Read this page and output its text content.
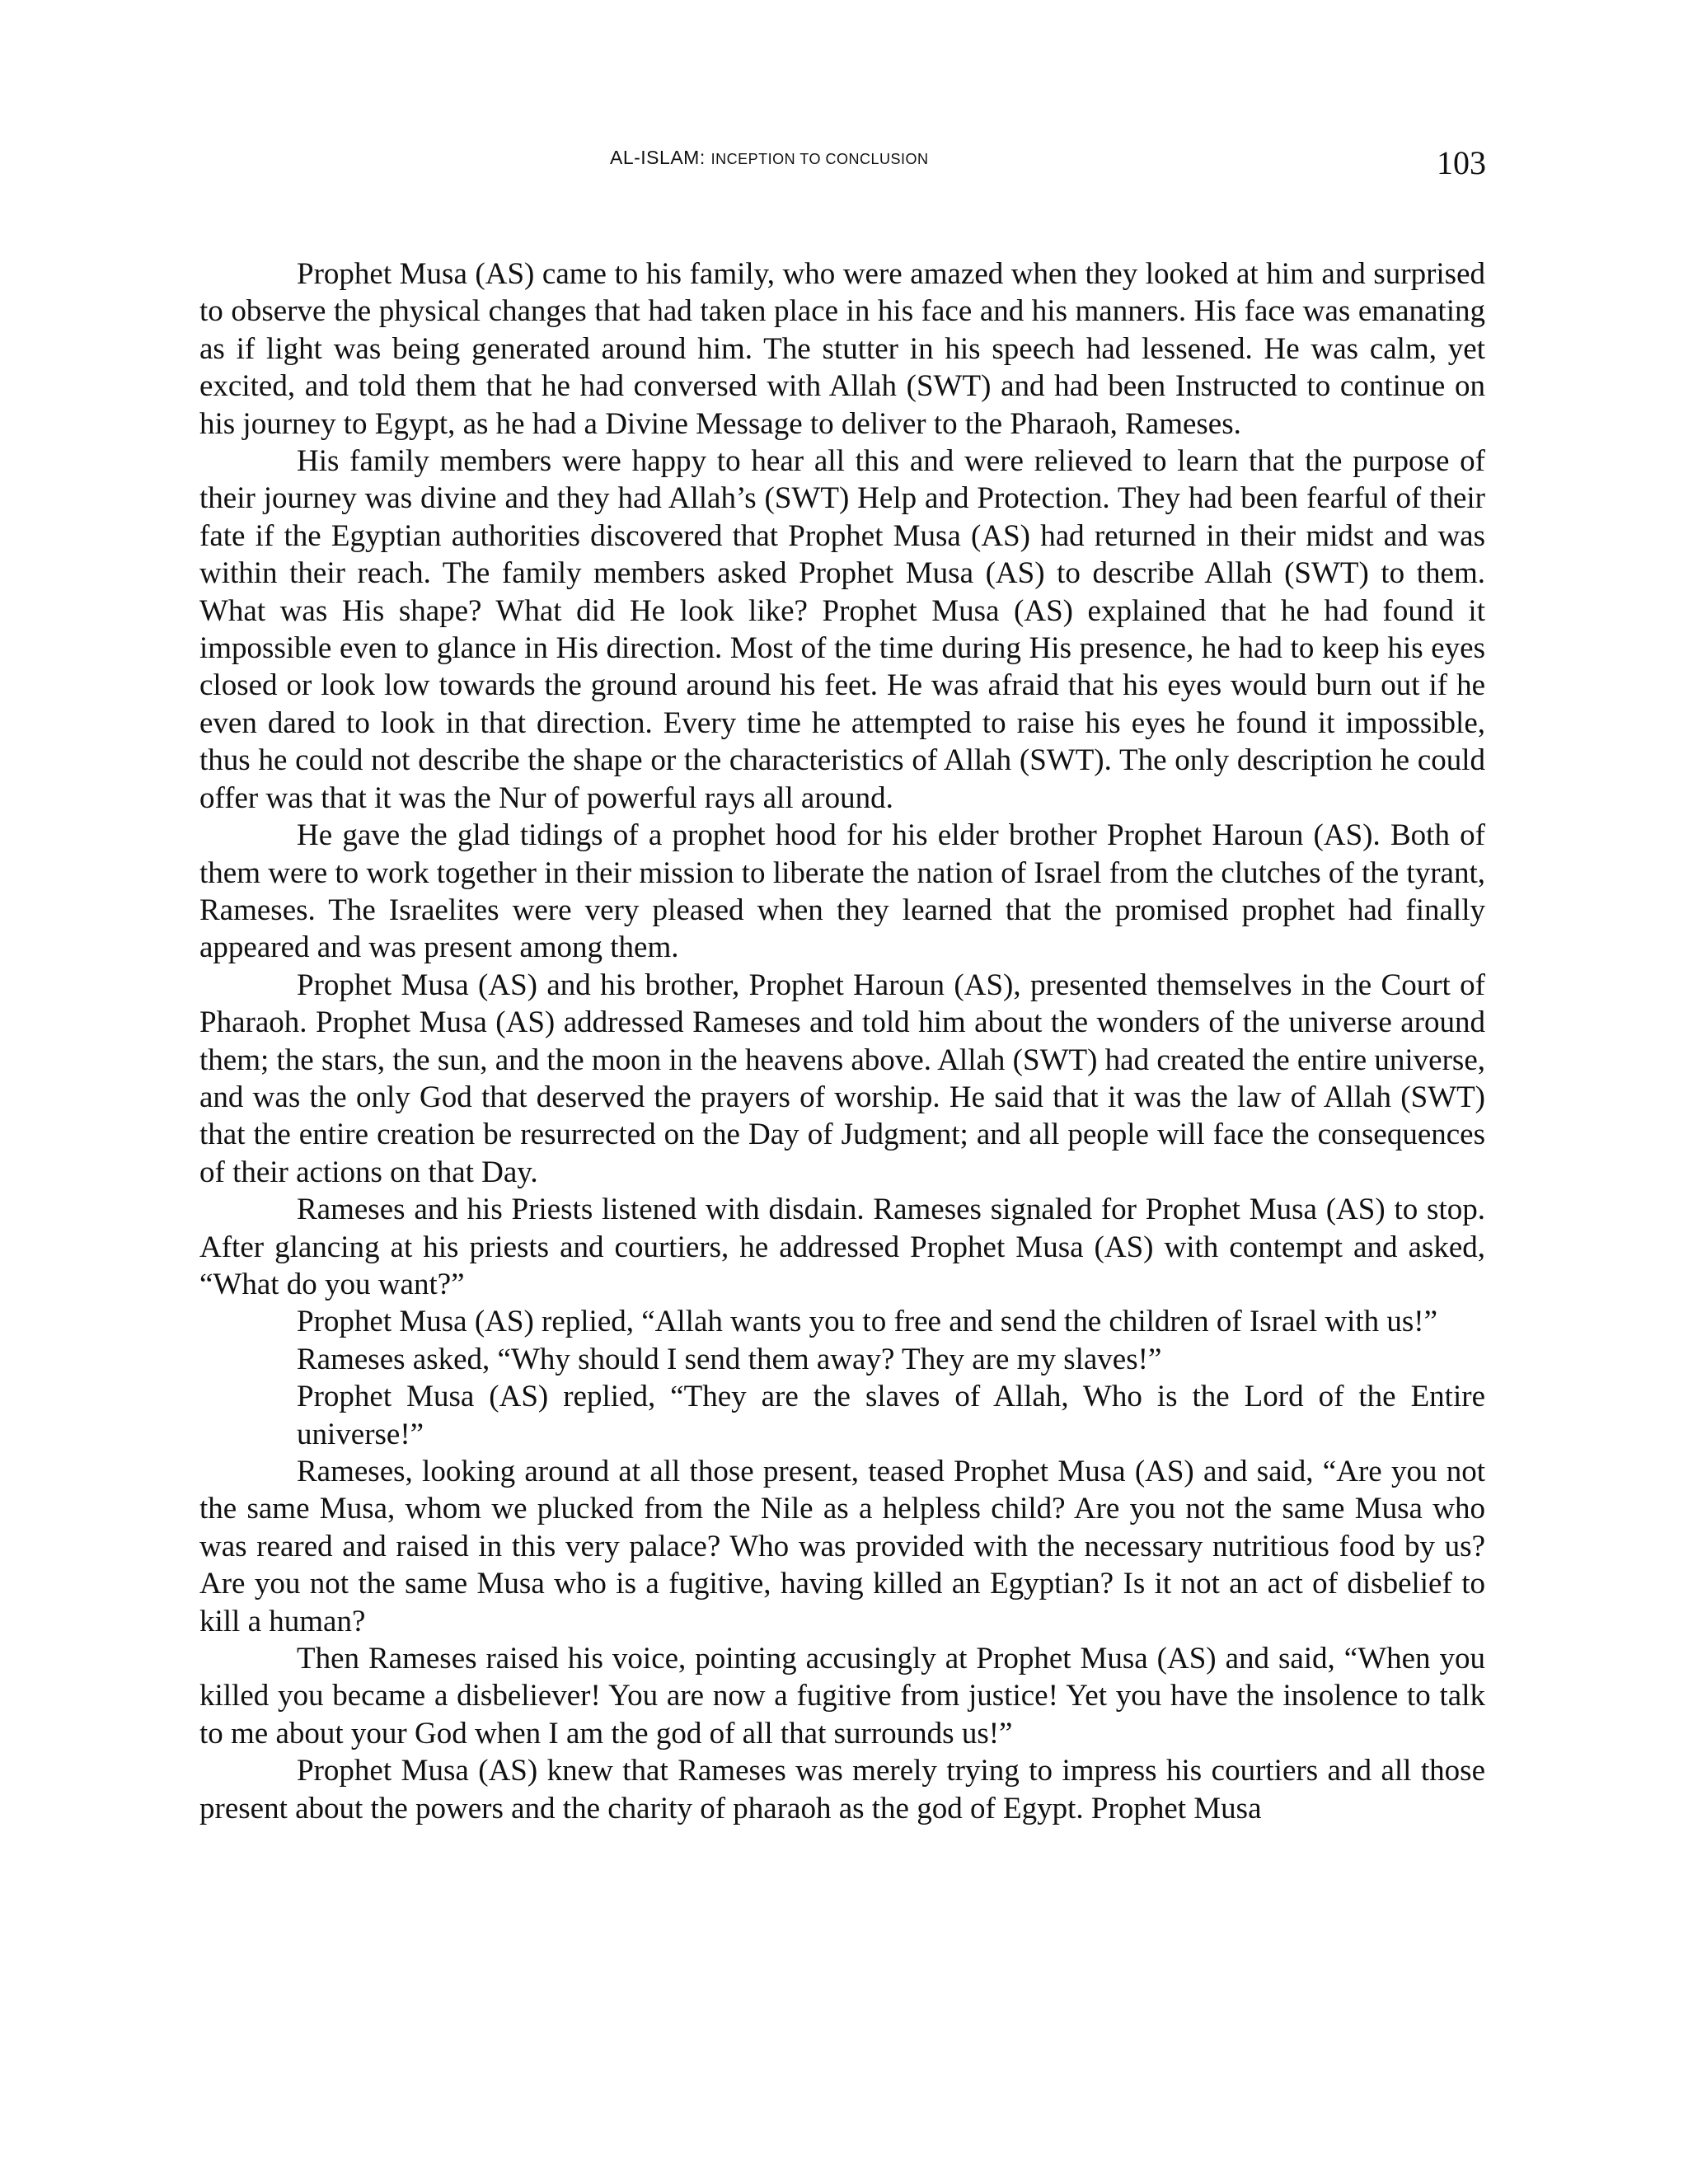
AL-ISLAM: INCEPTION TO CONCLUSION	103

Prophet Musa (AS) came to his family, who were amazed when they looked at him and surprised to observe the physical changes that had taken place in his face and his manners. His face was emanating as if light was being generated around him. The stutter in his speech had lessened. He was calm, yet excited, and told them that he had conversed with Allah (SWT) and had been Instructed to continue on his journey to Egypt, as he had a Divine Message to deliver to the Pharaoh, Rameses.

His family members were happy to hear all this and were relieved to learn that the purpose of their journey was divine and they had Allah’s (SWT) Help and Protection. They had been fearful of their fate if the Egyptian authorities discovered that Prophet Musa (AS) had returned in their midst and was within their reach. The family members asked Prophet Musa (AS) to describe Allah (SWT) to them. What was His shape? What did He look like? Prophet Musa (AS) explained that he had found it impossible even to glance in His direction. Most of the time during His presence, he had to keep his eyes closed or look low towards the ground around his feet. He was afraid that his eyes would burn out if he even dared to look in that direction. Every time he attempted to raise his eyes he found it impossible, thus he could not describe the shape or the characteristics of Allah (SWT). The only description he could offer was that it was the Nur of powerful rays all around.

He gave the glad tidings of a prophet hood for his elder brother Prophet Haroun (AS). Both of them were to work together in their mission to liberate the nation of Israel from the clutches of the tyrant, Rameses. The Israelites were very pleased when they learned that the promised prophet had finally appeared and was present among them.

Prophet Musa (AS) and his brother, Prophet Haroun (AS), presented themselves in the Court of Pharaoh. Prophet Musa (AS) addressed Rameses and told him about the wonders of the universe around them; the stars, the sun, and the moon in the heavens above. Allah (SWT) had created the entire universe, and was the only God that deserved the prayers of worship. He said that it was the law of Allah (SWT) that the entire creation be resurrected on the Day of Judgment; and all people will face the consequences of their actions on that Day.

Rameses and his Priests listened with disdain. Rameses signaled for Prophet Musa (AS) to stop. After glancing at his priests and courtiers, he addressed Prophet Musa (AS) with contempt and asked, “What do you want?”

Prophet Musa (AS) replied, “Allah wants you to free and send the children of Israel with us!”

Rameses asked, “Why should I send them away? They are my slaves!”

Prophet Musa (AS) replied, “They are the slaves of Allah, Who is the Lord of the Entire universe!”

Rameses, looking around at all those present, teased Prophet Musa (AS) and said, “Are you not the same Musa, whom we plucked from the Nile as a helpless child? Are you not the same Musa who was reared and raised in this very palace? Who was provided with the necessary nutritious food by us? Are you not the same Musa who is a fugitive, having killed an Egyptian? Is it not an act of disbelief to kill a human?

Then Rameses raised his voice, pointing accusingly at Prophet Musa (AS) and said, “When you killed you became a disbeliever! You are now a fugitive from justice! Yet you have the insolence to talk to me about your God when I am the god of all that surrounds us!”

Prophet Musa (AS) knew that Rameses was merely trying to impress his courtiers and all those present about the powers and the charity of pharaoh as the god of Egypt. Prophet Musa
